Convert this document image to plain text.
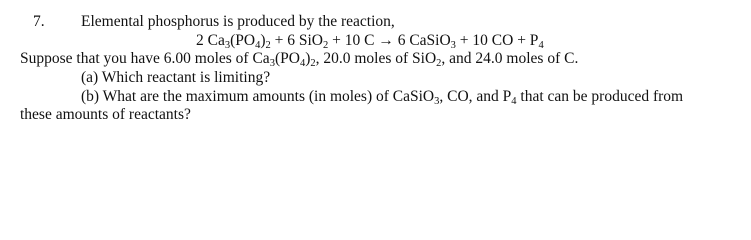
7. Elemental phosphorus is produced by the reaction,
2 $Ca_3(PO_4)_2 + 6$ SiO$_2$ + 10 C → 6 CaSiO$_3$ + 10 CO + $P_4$
Suppose that you have 6.00 moles of $Ca_3(PO_4)_2$, 20.0 moles of SiO$_2$, and 24.0 moles of C.
(a) Which reactant is limiting?
(b) What are the maximum amounts (in moles) of CaSiO$_3$, CO, and $P_4$ that can be produced from
these amounts of reactants?
